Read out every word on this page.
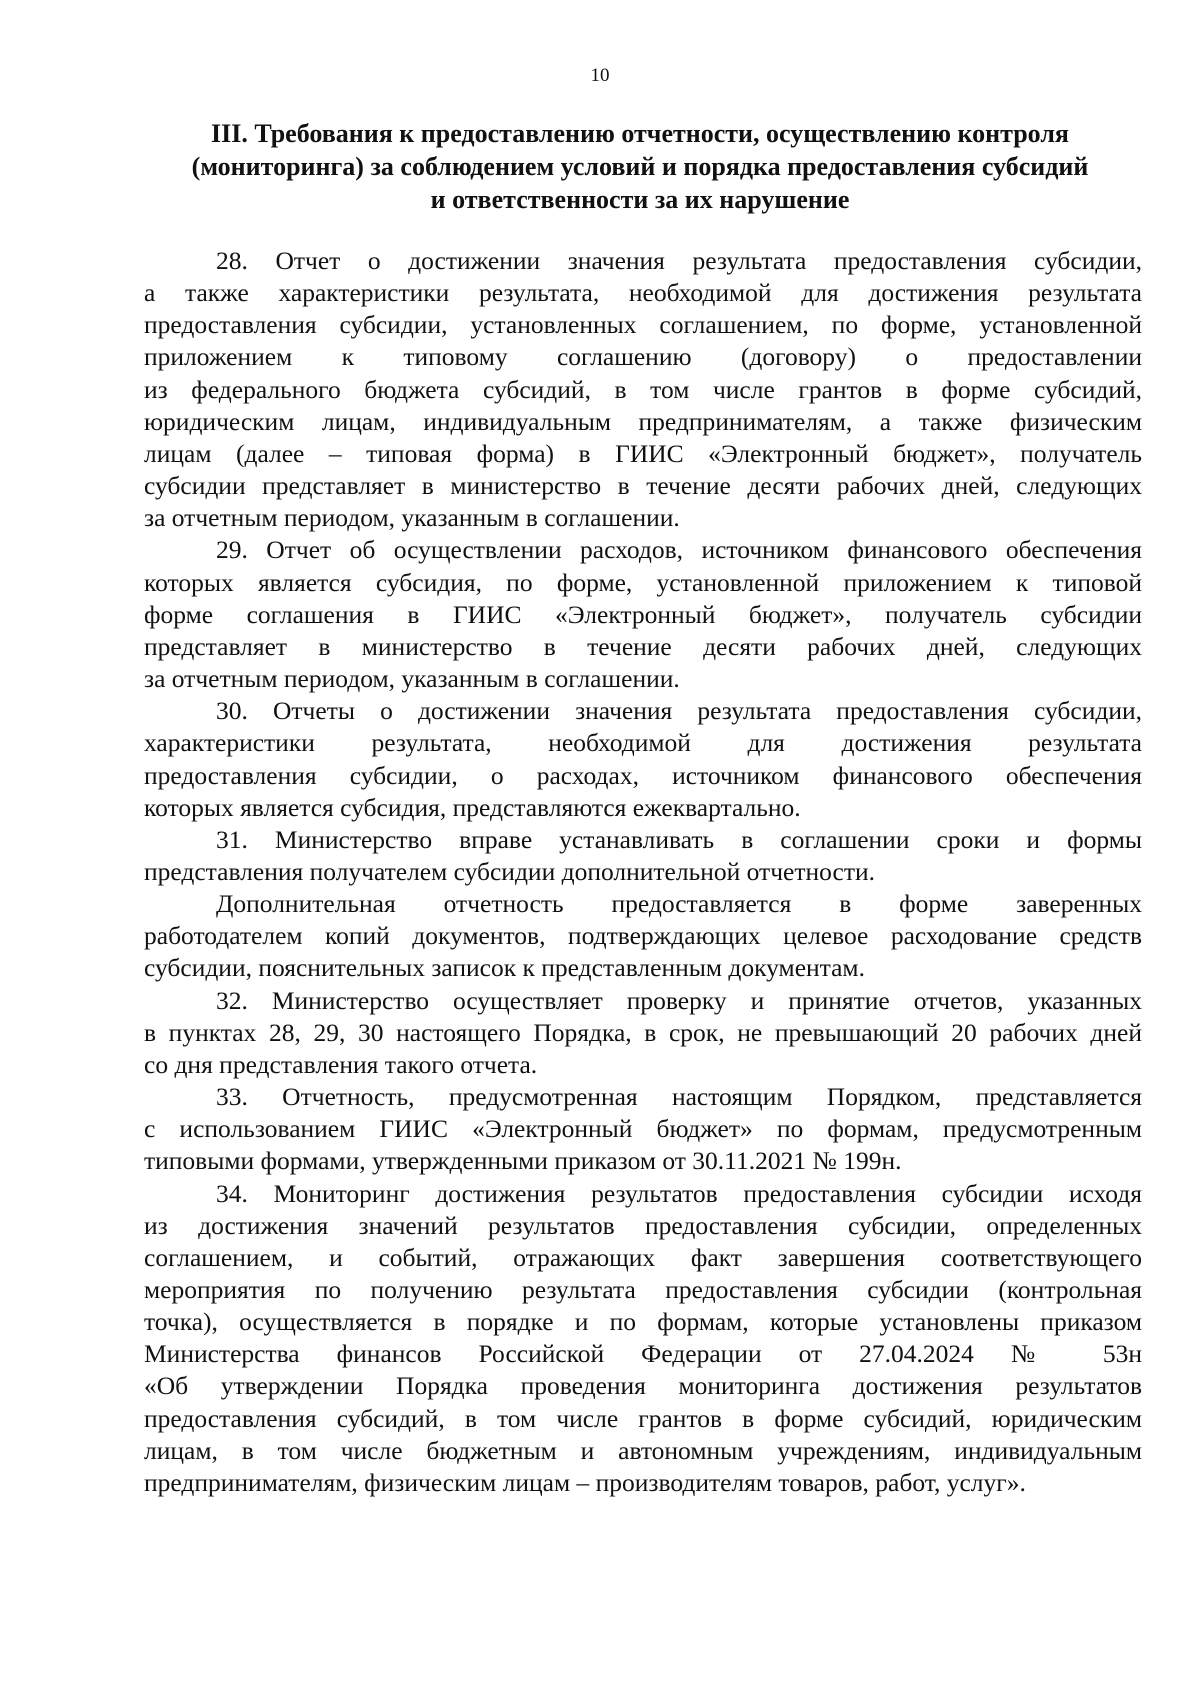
10
III. Требования к предоставлению отчетности, осуществлению контроля
(мониторинга) за соблюдением условий и порядка предоставления субсидий
и ответственности за их нарушение
28. Отчет о достижении значения результата предоставления субсидии,
а также характеристики результата, необходимой для достижения результата
предоставления субсидии, установленных соглашением, по форме, установленной
приложением к типовому соглашению (договору) о предоставлении
из федерального бюджета субсидий, в том числе грантов в форме субсидий,
юридическим лицам, индивидуальным предпринимателям, а также физическим
лицам (далее – типовая форма) в ГИИС «Электронный бюджет», получатель
субсидии представляет в министерство в течение десяти рабочих дней, следующих
за отчетным периодом, указанным в соглашении.
29. Отчет об осуществлении расходов, источником финансового обеспечения
которых является субсидия, по форме, установленной приложением к типовой
форме соглашения в ГИИС «Электронный бюджет», получатель субсидии
представляет в министерство в течение десяти рабочих дней, следующих
за отчетным периодом, указанным в соглашении.
30. Отчеты о достижении значения результата предоставления субсидии,
характеристики результата, необходимой для достижения результата
предоставления субсидии, о расходах, источником финансового обеспечения
которых является субсидия, представляются ежеквартально.
31. Министерство вправе устанавливать в соглашении сроки и формы
представления получателем субсидии дополнительной отчетности.
Дополнительная отчетность предоставляется в форме заверенных
работодателем копий документов, подтверждающих целевое расходование средств
субсидии, пояснительных записок к представленным документам.
32. Министерство осуществляет проверку и принятие отчетов, указанных
в пунктах 28, 29, 30 настоящего Порядка, в срок, не превышающий 20 рабочих дней
со дня представления такого отчета.
33. Отчетность, предусмотренная настоящим Порядком, представляется
с использованием ГИИС «Электронный бюджет» по формам, предусмотренным
типовыми формами, утвержденными приказом от 30.11.2021 № 199н.
34. Мониторинг достижения результатов предоставления субсидии исходя
из достижения значений результатов предоставления субсидии, определенных
соглашением, и событий, отражающих факт завершения соответствующего
мероприятия по получению результата предоставления субсидии (контрольная
точка), осуществляется в порядке и по формам, которые установлены приказом
Министерства финансов Российской Федерации от 27.04.2024 № 53н
«Об утверждении Порядка проведения мониторинга достижения результатов
предоставления субсидий, в том числе грантов в форме субсидий, юридическим
лицам, в том числе бюджетным и автономным учреждениям, индивидуальным
предпринимателям, физическим лицам – производителям товаров, работ, услуг».
